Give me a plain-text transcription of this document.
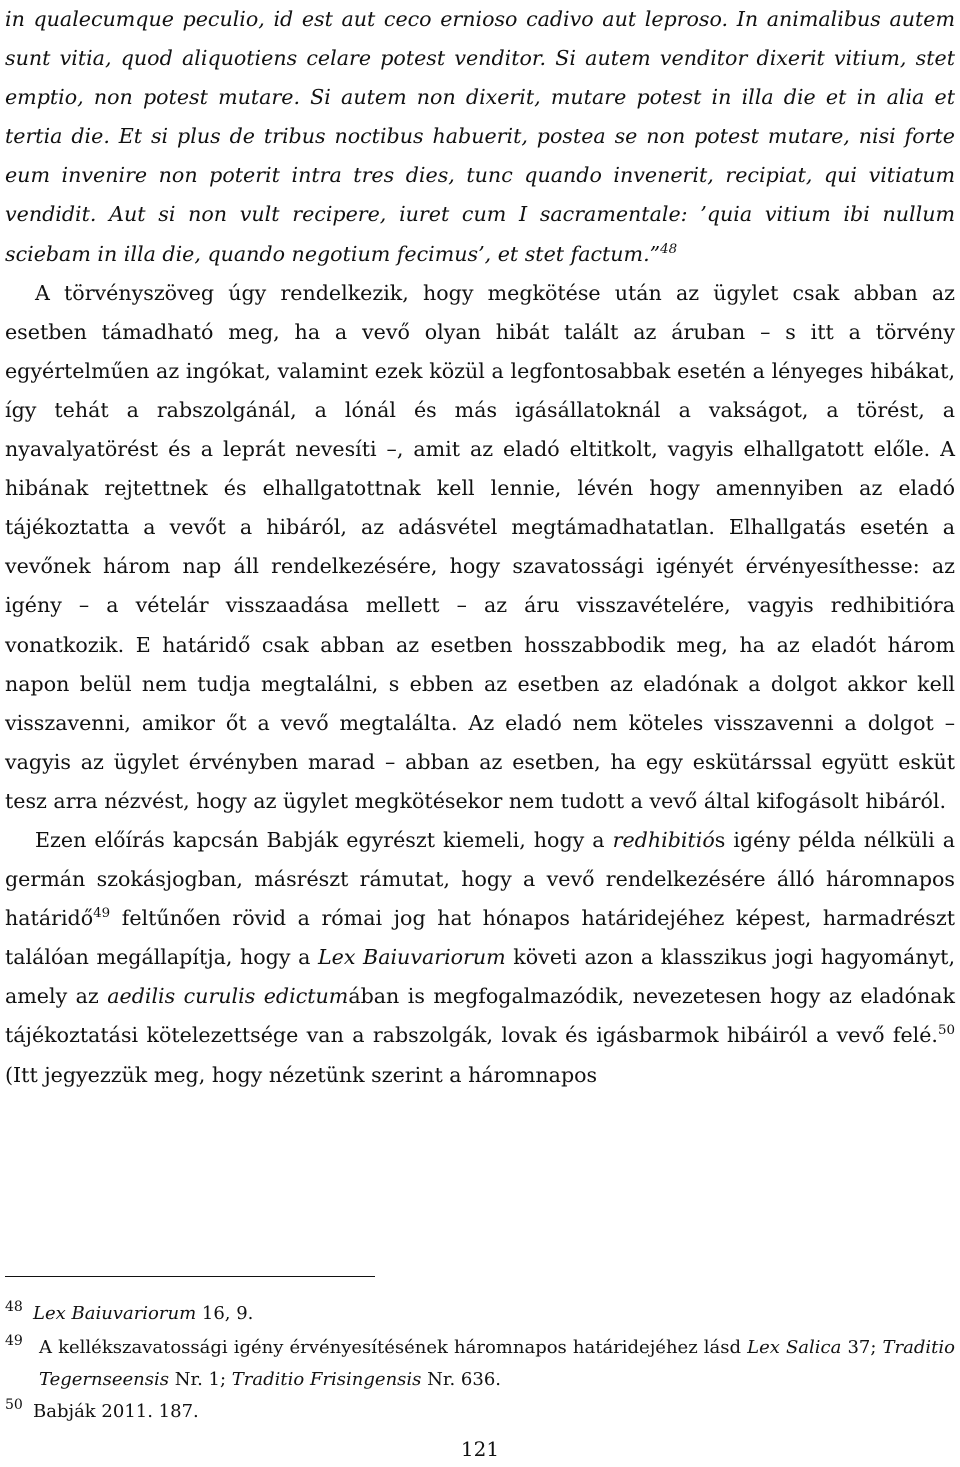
in qualecumque peculio, id est aut ceco ernioso cadivo aut leproso. In animalibus autem sunt vitia, quod aliquotiens celare potest venditor. Si autem venditor dixerit vitium, stet emptio, non potest mutare. Si autem non dixerit, mutare potest in illa die et in alia et tertia die. Et si plus de tribus noctibus habuerit, postea se non potest mutare, nisi forte eum invenire non poterit intra tres dies, tunc quando invenerit, recipiat, qui vitiatum vendidit. Aut si non vult recipere, iuret cum I sacramentale: ’quia vitium ibi nullum sciebam in illa die, quando negotium fecimus’, et stet factum.”$^{48}$

A törvényszöveg úgy rendelkezik, hogy megkötése után az ügylet csak abban az esetben támadható meg, ha a vevő olyan hibát talált az áruban – s itt a törvény egyértelműen az ingókat, valamint ezek közül a legfontosabbak esetén a lényeges hibákat, így tehát a rabszolgánál, a lónál és más igásállatoknál a vakságot, a törést, a nyavalyatörést és a leprát nevesíti –, amit az eladó eltitkolt, vagyis elhallgatott előle. A hibának rejtettnek és elhallgatottnak kell lennie, lévén hogy amennyiben az eladó tájékoztatta a vevőt a hibáról, az adásvétel megtámadhatatlan. Elhallgatás esetén a vevőnek három nap áll rendelkezésére, hogy szavatossági igényét érvényesíthesse: az igény – a vételár visszaadása mellett – az áru visszavételére, vagyis redhibitióra vonatkozik. E határidő csak abban az esetben hosszabbodik meg, ha az eladót három napon belül nem tudja megtalálni, s ebben az esetben az eladónak a dolgot akkor kell visszavenni, amikor őt a vevő megtalálta. Az eladó nem köteles visszavenni a dolgot – vagyis az ügylet érvényben marad – abban az esetben, ha egy eskütárssal együtt esküt tesz arra nézvést, hogy az ügylet megkötésekor nem tudott a vevő által kifogásolt hibáról.

Ezen előírás kapcsán Babják egyrészt kiemeli, hogy a redhibitiós igény példa nélküli a germán szokásjogban, másrészt rámutat, hogy a vevő rendelkezésére álló háromnapos határidő$^{49}$ feltűnően rövid a római jog hat hónapos határidejéhez képest, harmadrészt találóan megállapítja, hogy a Lex Baiuvariorum követi azon a klasszikus jogi hagyományt, amely az aedilis curulis edictumában is megfogalmazódik, nevezetesen hogy az eladónak tájékoztatási kötelezettsége van a rabszolgák, lovak és igásbarmok hibáiról a vevő felé.$^{50}$ (Itt jegyezzük meg, hogy nézetünk szerint a háromnapos

48 Lex Baiuvariorum 16, 9.
49 A kellékszavatossági igény érvényesítésének háromnapos határidejéhez lásd Lex Salica 37; Traditio Tegernseensis Nr. 1; Traditio Frisingensis Nr. 636.
50 Babják 2011. 187.
121
